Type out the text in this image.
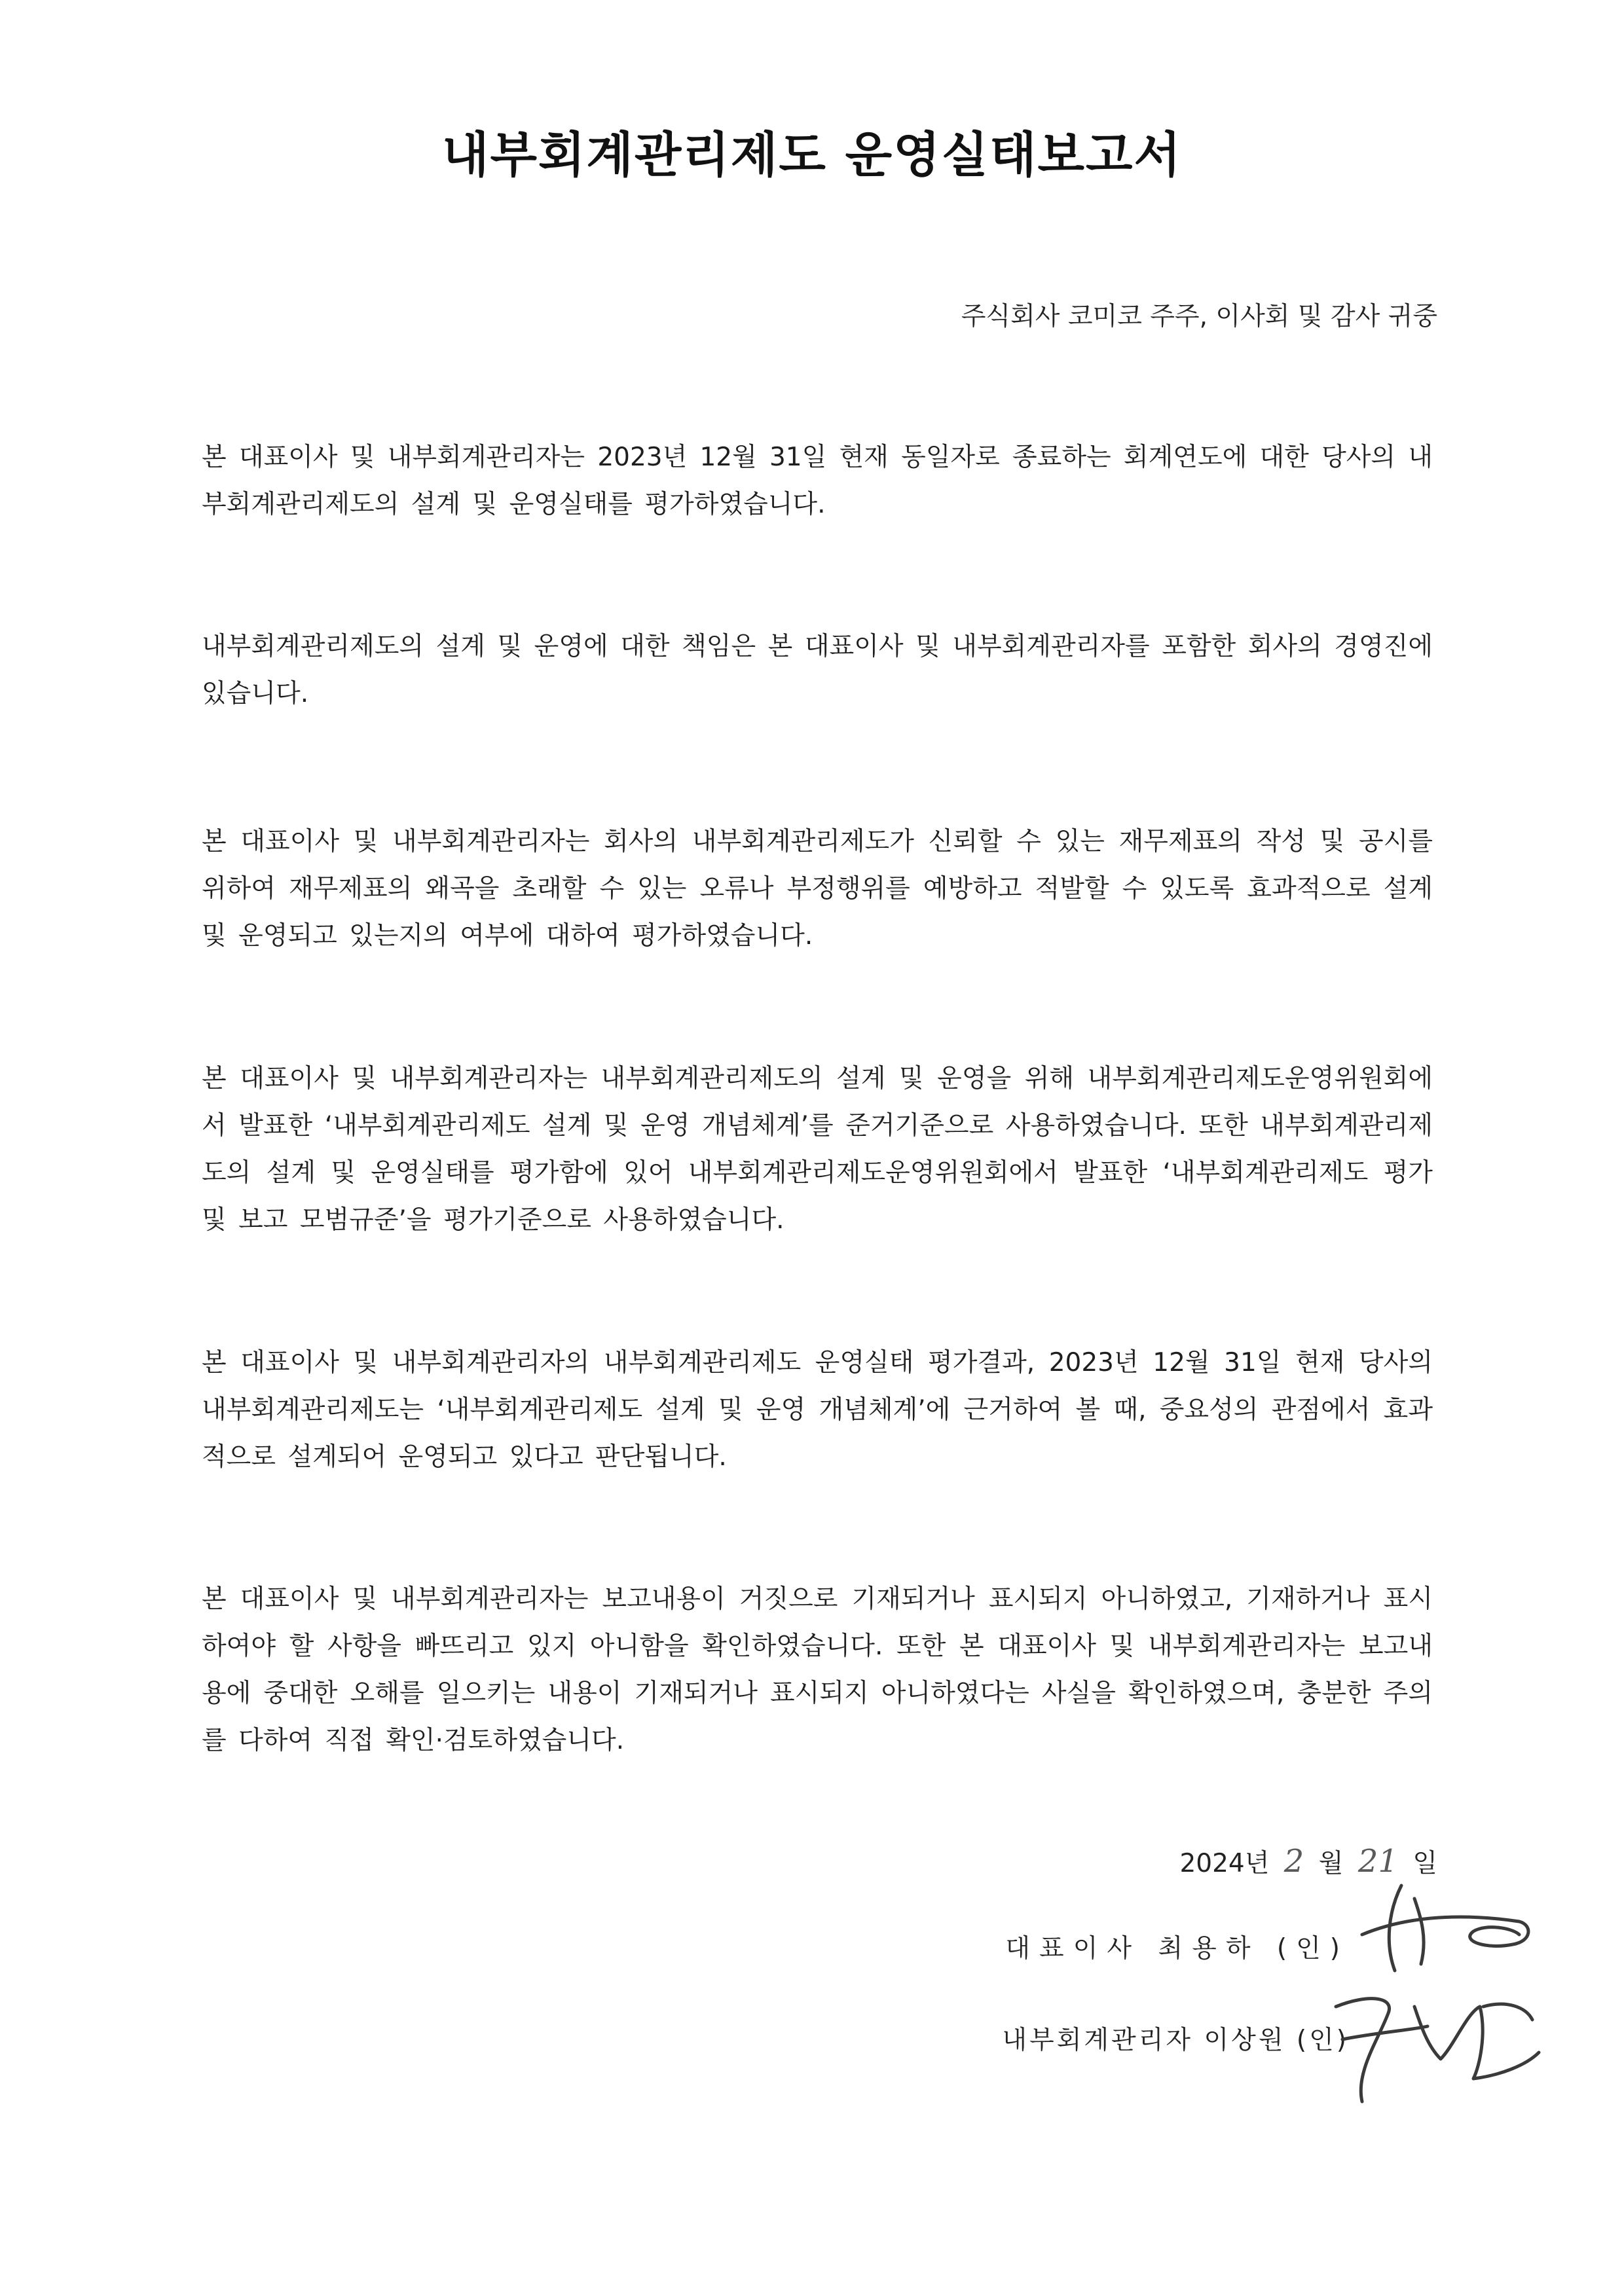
내부회계관리제도 운영실태보고서
주식회사 코미코 주주, 이사회 및 감사 귀중

본 대표이사 및 내부회계관리자는 2023년 12월 31일 현재 동일자로 종료하는 회계연도에 대한 당사의 내부회계관리제도의 설계 및 운영실태를 평가하였습니다.

내부회계관리제도의 설계 및 운영에 대한 책임은 본 대표이사 및 내부회계관리자를 포함한 회사의 경영진에 있습니다.

본 대표이사 및 내부회계관리자는 회사의 내부회계관리제도가 신뢰할 수 있는 재무제표의 작성 및 공시를 위하여 재무제표의 왜곡을 초래할 수 있는 오류나 부정행위를 예방하고 적발할 수 있도록 효과적으로 설계 및 운영되고 있는지의 여부에 대하여 평가하였습니다.

본 대표이사 및 내부회계관리자는 내부회계관리제도의 설계 및 운영을 위해 내부회계관리제도운영위원회에서 발표한 ‘내부회계관리제도 설계 및 운영 개념체계’를 준거기준으로 사용하였습니다. 또한 내부회계관리제도의 설계 및 운영실태를 평가함에 있어 내부회계관리제도운영위원회에서 발표한 ‘내부회계관리제도 평가 및 보고 모범규준’을 평가기준으로 사용하였습니다.

본 대표이사 및 내부회계관리자의 내부회계관리제도 운영실태 평가결과, 2023년 12월 31일 현재 당사의 내부회계관리제도는 ‘내부회계관리제도 설계 및 운영 개념체계’에 근거하여 볼 때, 중요성의 관점에서 효과적으로 설계되어 운영되고 있다고 판단됩니다.

본 대표이사 및 내부회계관리자는 보고내용이 거짓으로 기재되거나 표시되지 아니하였고, 기재하거나 표시하여야 할 사항을 빠뜨리고 있지 아니함을 확인하였습니다. 또한 본 대표이사 및 내부회계관리자는 보고내용에 중대한 오해를 일으키는 내용이 기재되거나 표시되지 아니하였다는 사실을 확인하였으며, 충분한 주의를 다하여 직접 확인·검토하였습니다.

2024년 2 월 21 일
대표이사 최용하 (인)
내부회계관리자 이상원 (인)
